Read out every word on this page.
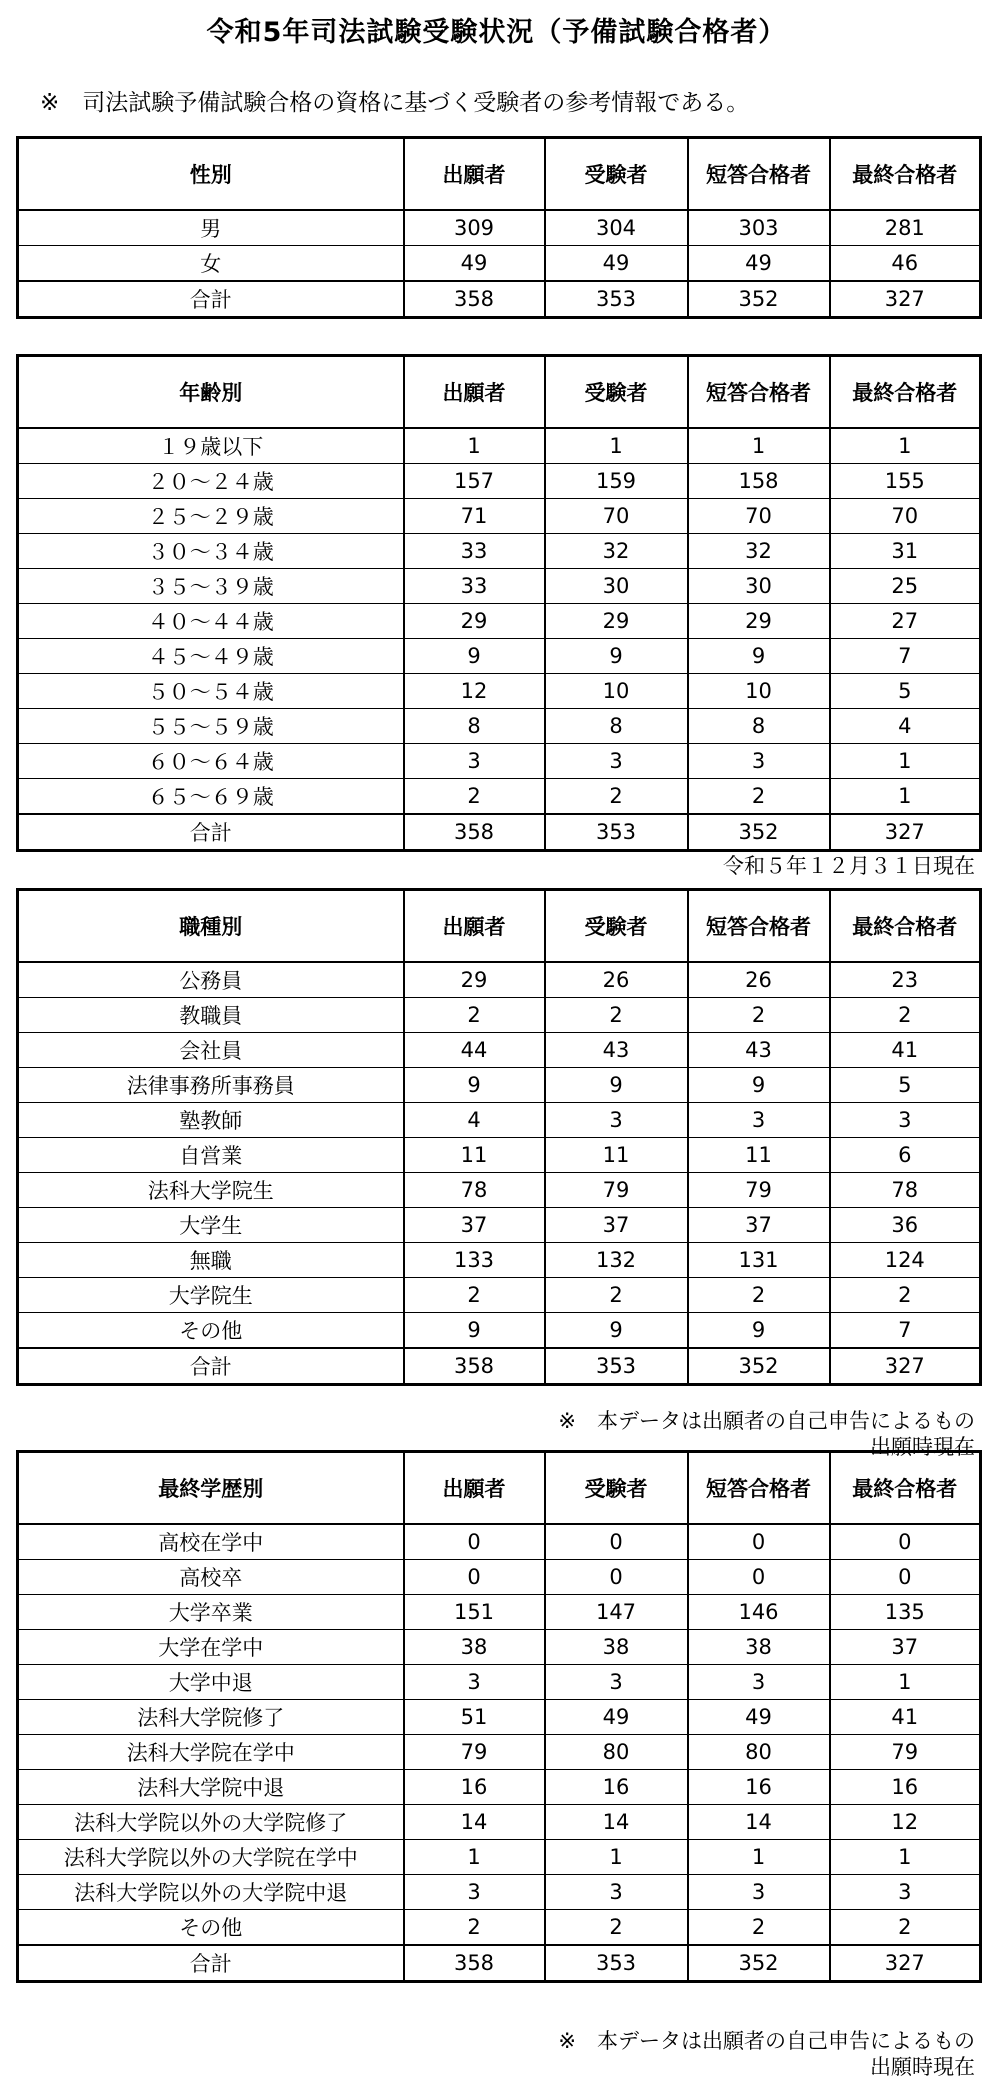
令和5年司法試験受験状況（予備試験合格者）
※　司法試験予備試験合格の資格に基づく受験者の参考情報である。
性別	出願者	受験者	短答合格者	最終合格者
男	309	304	303	281
女	49	49	49	46
合計	358	353	352	327
年齢別	出願者	受験者	短答合格者	最終合格者
１９歳以下	1	1	1	1
２０～２４歳	157	159	158	155
２５～２９歳	71	70	70	70
３０～３４歳	33	32	32	31
３５～３９歳	33	30	30	25
４０～４４歳	29	29	29	27
４５～４９歳	9	9	9	7
５０～５４歳	12	10	10	5
５５～５９歳	8	8	8	4
６０～６４歳	3	3	3	1
６５～６９歳	2	2	2	1
合計	358	353	352	327
令和５年１２月３１日現在
職種別	出願者	受験者	短答合格者	最終合格者
公務員	29	26	26	23
教職員	2	2	2	2
会社員	44	43	43	41
法律事務所事務員	9	9	9	5
塾教師	4	3	3	3
自営業	11	11	11	6
法科大学院生	78	79	79	78
大学生	37	37	37	36
無職	133	132	131	124
大学院生	2	2	2	2
その他	9	9	9	7
合計	358	353	352	327
※　本データは出願者の自己申告によるもの
出願時現在
最終学歴別	出願者	受験者	短答合格者	最終合格者
高校在学中	0	0	0	0
高校卒	0	0	0	0
大学卒業	151	147	146	135
大学在学中	38	38	38	37
大学中退	3	3	3	1
法科大学院修了	51	49	49	41
法科大学院在学中	79	80	80	79
法科大学院中退	16	16	16	16
法科大学院以外の大学院修了	14	14	14	12
法科大学院以外の大学院在学中	1	1	1	1
法科大学院以外の大学院中退	3	3	3	3
その他	2	2	2	2
合計	358	353	352	327
※　本データは出願者の自己申告によるもの
出願時現在
